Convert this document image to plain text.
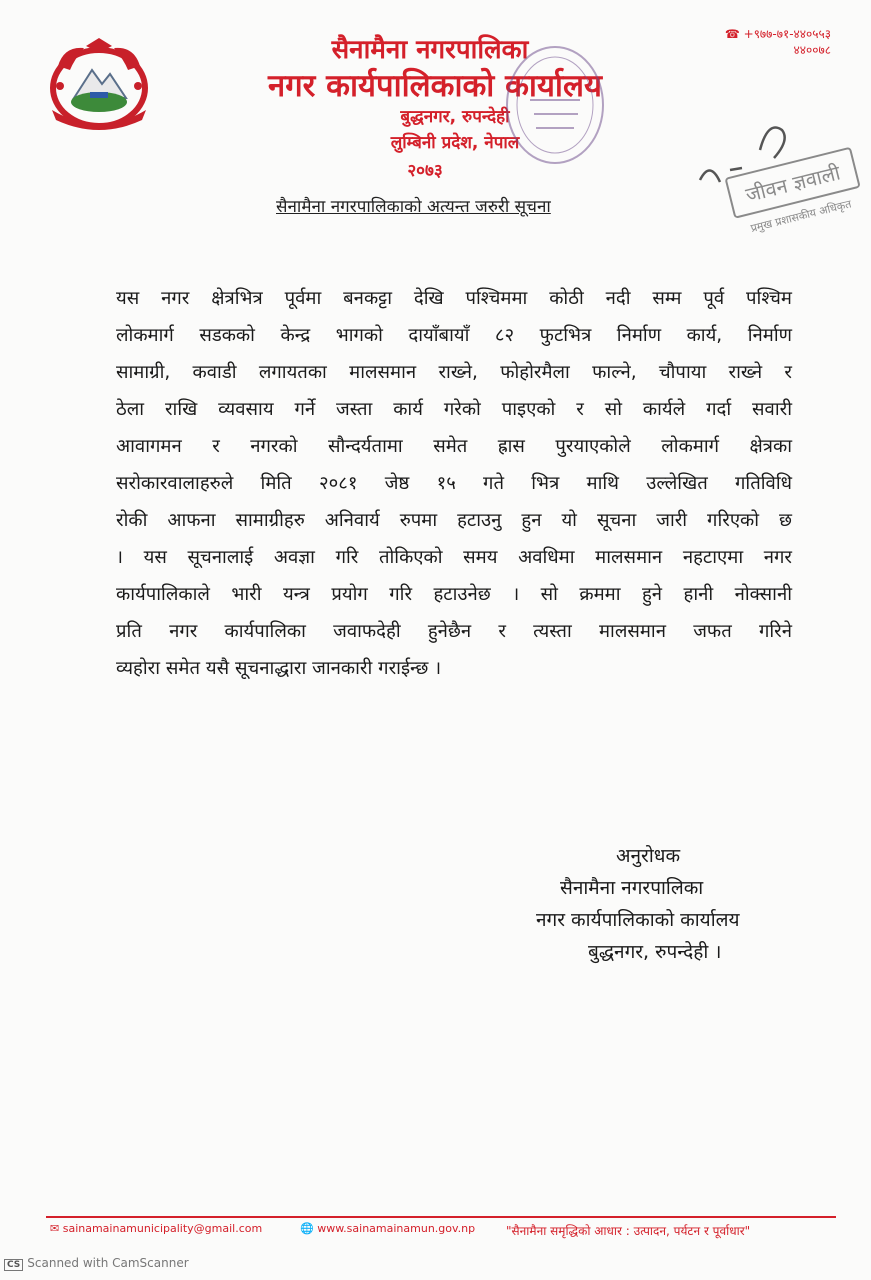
सैनामैना नगरपालिका
नगर कार्यपालिकाको कार्यालय
बुद्धनगर, रुपन्देही
लुम्बिनी प्रदेश, नेपाल
२०७३
☎ +९७७-७१-४४०५५३
४४००७८
जीवन ज्ञवाली
प्रमुख प्रशासकीय अधिकृत
सैनामैना नगरपालिकाको अत्यन्त जरुरी सूचना
यस नगर क्षेत्रभित्र पूर्वमा बनकट्टा देखि पश्चिममा कोठी नदी सम्म पूर्व पश्चिम
लोकमार्ग सडकको केन्द्र भागको दायाँबायाँ ८२ फुटभित्र निर्माण कार्य, निर्माण
सामाग्री, कवाडी लगायतका मालसमान राख्ने, फोहोरमैला फाल्ने, चौपाया राख्ने र
ठेला राखि व्यवसाय गर्ने जस्ता कार्य गरेको पाइएको र सो कार्यले गर्दा सवारी
आवागमन र नगरको सौन्दर्यतामा समेत ह्रास पुरयाएकोले लोकमार्ग क्षेत्रका
सरोकारवालाहरुले मिति २०८१ जेष्ठ १५ गते भित्र माथि उल्लेखित गतिविधि
रोकी आफना सामाग्रीहरु अनिवार्य रुपमा हटाउनु हुन यो सूचना जारी गरिएको छ
। यस सूचनालाई अवज्ञा गरि तोकिएको समय अवधिमा मालसमान नहटाएमा नगर
कार्यपालिकाले भारी यन्त्र प्रयोग गरि हटाउनेछ । सो क्रममा हुने हानी नोक्सानी
प्रति नगर कार्यपालिका जवाफदेही हुनेछैन र त्यस्ता मालसमान जफत गरिने
व्यहोरा समेत यसै सूचनाद्धारा जानकारी गराईन्छ ।
अनुरोधक
सैनामैना नगरपालिका
नगर कार्यपालिकाको कार्यालय
बुद्धनगर, रुपन्देही ।
✉ sainamainamunicipality@gmail.com	🌐 www.sainamainamun.gov.np	"सैनामैना समृद्धिको आधार : उत्पादन, पर्यटन र पूर्वाधार"
CS Scanned with CamScanner
